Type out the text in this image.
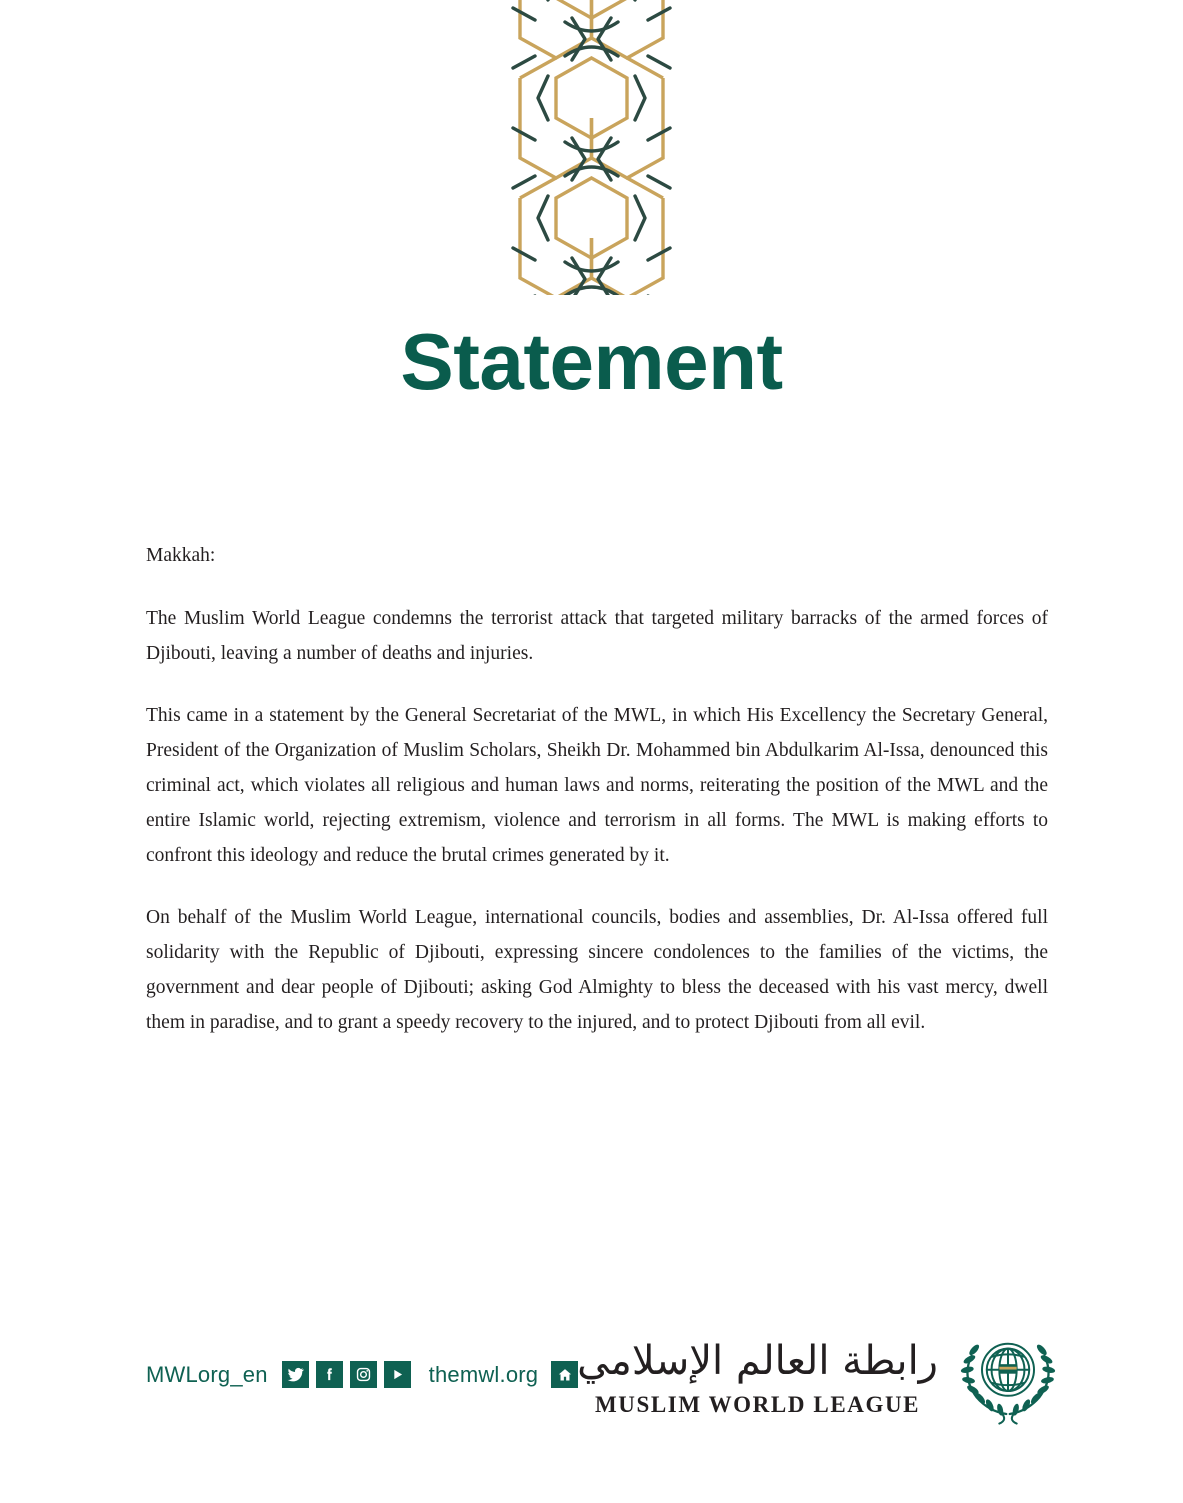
Statement

Makkah:

The Muslim World League condemns the terrorist attack that targeted military barracks of the armed forces of Djibouti, leaving a number of deaths and injuries.

This came in a statement by the General Secretariat of the MWL, in which His Excellency the Secretary General, President of the Organization of Muslim Scholars, Sheikh Dr. Mohammed bin Abdulkarim Al-Issa, denounced this criminal act, which violates all religious and human laws and norms, reiterating the position of the MWL and the entire Islamic world, rejecting extremism, violence and terrorism in all forms. The MWL is making efforts to confront this ideology and reduce the brutal crimes generated by it.

On behalf of the Muslim World League, international councils, bodies and assemblies, Dr. Al-Issa offered full solidarity with the Republic of Djibouti, expressing sincere condolences to the families of the victims, the government and dear people of Djibouti; asking God Almighty to bless the deceased with his vast mercy, dwell them in paradise, and to grant a speedy recovery to the injured, and to protect Djibouti from all evil.

MWLorg_en	themwl.org رابطة العالم الإسلامي
MUSLIM WORLD LEAGUE
